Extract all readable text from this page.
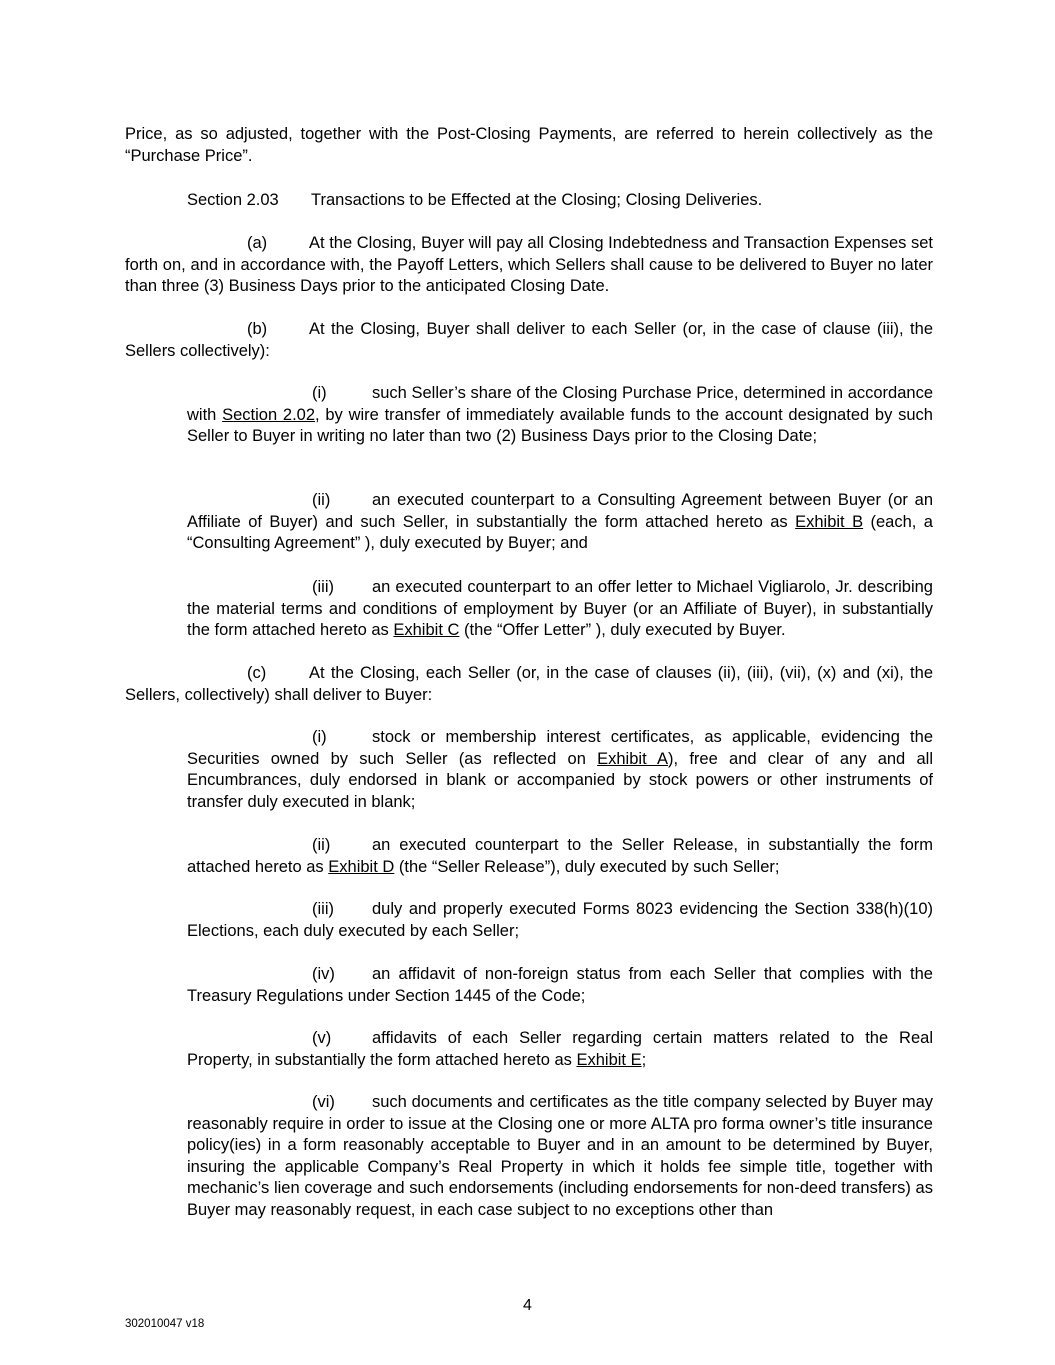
Price, as so adjusted, together with the Post-Closing Payments, are referred to herein collectively as the “Purchase Price”.

Section 2.03 Transactions to be Effected at the Closing; Closing Deliveries.

(a)	At the Closing, Buyer will pay all Closing Indebtedness and Transaction Expenses set forth on, and in accordance with, the Payoff Letters, which Sellers shall cause to be delivered to Buyer no later than three (3) Business Days prior to the anticipated Closing Date.

(b)	At the Closing, Buyer shall deliver to each Seller (or, in the case of clause (iii), the Sellers collectively):

(i)	such Seller’s share of the Closing Purchase Price, determined in accordance with Section 2.02, by wire transfer of immediately available funds to the account designated by such Seller to Buyer in writing no later than two (2) Business Days prior to the Closing Date;

(ii)	an executed counterpart to a Consulting Agreement between Buyer (or an Affiliate of Buyer) and such Seller, in substantially the form attached hereto as Exhibit B (each, a “Consulting Agreement” ), duly executed by Buyer; and

(iii) an executed counterpart to an offer letter to Michael Vigliarolo, Jr. describing the material terms and conditions of employment by Buyer (or an Affiliate of Buyer), in substantially the form attached hereto as Exhibit C (the “Offer Letter” ), duly executed by Buyer.

(c)	At the Closing, each Seller (or, in the case of clauses (ii), (iii), (vii), (x) and (xi), the Sellers, collectively) shall deliver to Buyer:

(i)	stock or membership interest certificates, as applicable, evidencing the Securities owned by such Seller (as reflected on Exhibit A), free and clear of any and all Encumbrances, duly endorsed in blank or accompanied by stock powers or other instruments of transfer duly executed in blank;

(ii)	an executed counterpart to the Seller Release, in substantially the form attached hereto as Exhibit D (the “Seller Release”), duly executed by such Seller;

(iii) duly and properly executed Forms 8023 evidencing the Section 338(h)(10) Elections, each duly executed by each Seller;

(iv) an affidavit of non-foreign status from each Seller that complies with the Treasury Regulations under Section 1445 of the Code;

(v) affidavits of each Seller regarding certain matters related to the Real Property, in substantially the form attached hereto as Exhibit E;

(vi) such documents and certificates as the title company selected by Buyer may reasonably require in order to issue at the Closing one or more ALTA pro forma owner’s title insurance policy(ies) in a form reasonably acceptable to Buyer and in an amount to be determined by Buyer, insuring the applicable Company’s Real Property in which it holds fee simple title, together with mechanic’s lien coverage and such endorsements (including endorsements for non-deed transfers) as Buyer may reasonably request, in each case subject to no exceptions other than

4
302010047 v18
